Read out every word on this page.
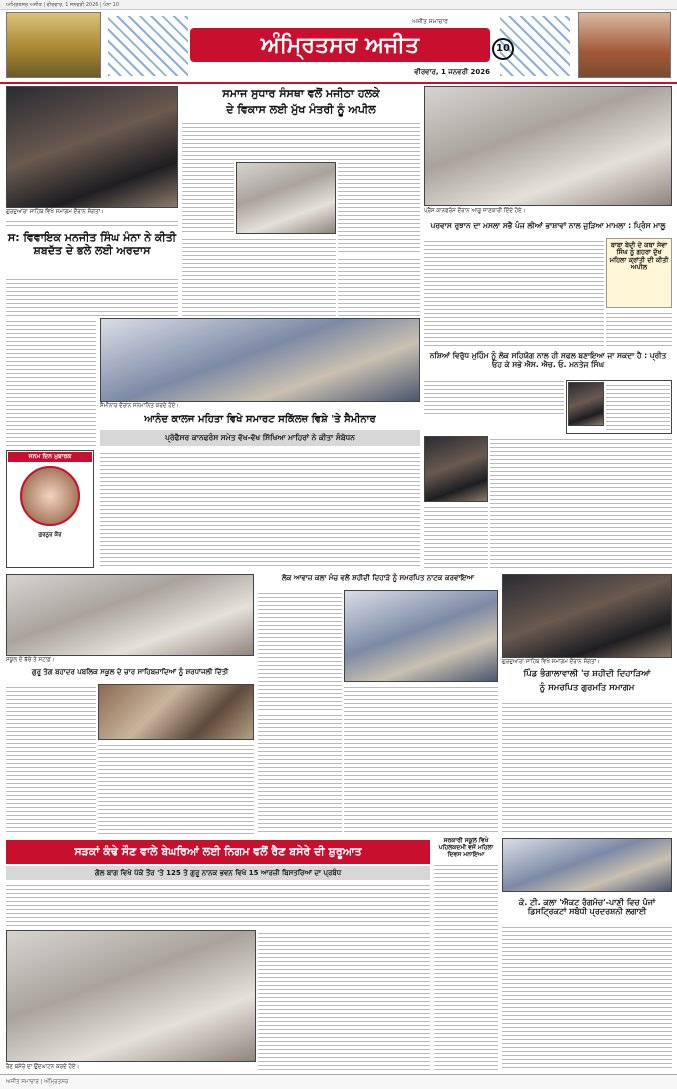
ਅਮ੍ਰਿਤਸਰ ਅਜੀਤ | ਵੀਰਵਾਰ, 1 ਜਨਵਰੀ 2026 | ਪੰਨਾ 10
ਅਜੀਤ ਸਮਾਚਾਰ
ਅੰਮ੍ਰਿਤਸਰ ਅਜੀਤ
ਵੀਰਵਾਰ, 1 ਜਨਵਰੀ 2026
10
ਗੁਰਦੁਆਰਾ ਸਾਹਿਬ ਵਿਖੇ ਸਮਾਗਮ ਦੌਰਾਨ ਸੰਗਤਾਂ।
ਸਮਾਜ ਸੁਧਾਰ ਸੰਸਥਾ ਵਲੋਂ ਮਜੀਠਾ ਹਲਕੇ
ਦੇ ਵਿਕਾਸ ਲਈ ਮੁੱਖ ਮੰਤਰੀ ਨੂੰ ਅਪੀਲ
ਪ੍ਰੈਸ ਕਾਨਫਰੰਸ ਦੌਰਾਨ ਆਗੂ ਜਾਣਕਾਰੀ ਦਿੰਦੇ ਹੋਏ।
ਸ: ਵਿਵਾਇਕ ਮਨਜੀਤ ਸਿੰਘ ਮੰਨਾ ਨੇ ਕੀਤੀ ਸ਼ਬਦੱਤ ਦੇ ਭਲੇ ਲਈ ਅਰਦਾਸ
ਪਰਵਾਸ ਰੁਝਾਨ ਦਾ ਮਸਲਾ ਸਭੈ ਪੰਜ ਲੀਆਂ ਭਾਸ਼ਾਵਾਂ ਨਾਲ ਜੁੜਿਆ ਮਾਮਲਾ : ਪ੍ਰਿੰਸ ਮਾਲੂ
ਬਾਬਾ ਬੇਦੀ ਦੇ ਕਥਾ ਸੇਵਾ ਸਿੰਘ ਨੂੰ ਗਹਰਾ ਦੁੱਖ ਮਹਿਲਾ ਕ੍ਰਾਂਤੀ ਦੀ ਕੀਤੀ ਅਪੀਲ
ਸੈਮੀਨਾਰ ਦੌਰਾਨ ਸਨਮਾਨਿਤ ਕਰਦੇ ਹੋਏ।
ਨਸ਼ਿਆਂ ਵਿਰੁੱਧ ਮੁਹਿੰਮ ਨੂੰ ਲੋਕ ਸਹਿਯੋਗ ਨਾਲ ਹੀ ਸਫਲ ਬਣਾਇਆ ਜਾ ਸਕਦਾ ਹੈ : ਪ੍ਰੀਤ ਓਹ ਕੇ ਸਭੇ ਐਸ. ਐਚ. ਓ. ਮਨਤੇਜ ਸਿੰਘ
ਆਨੰਦ ਕਾਲਜ ਮਹਿਤਾ ਵਿਖੇ ਸਮਾਰਟ ਸਕਿੱਲਜ਼ ਵਿਸ਼ੇ 'ਤੇ ਸੈਮੀਨਾਰ
ਪ੍ਰੋਫੈਸਰ ਕਾਨਫਰੰਸ ਸਮੇਤ ਵੱਖ-ਵੱਖ ਸਿੱਖਿਆ ਮਾਹਿਰਾਂ ਨੇ ਕੀਤਾ ਸੰਬੋਧਨ
ਜਨਮ ਦਿਨ ਮੁਬਾਰਕ
ਗੁਰਨੂਰ ਕੌਰ
ਸਕੂਲ ਦੇ ਬੱਚੇ ਤੇ ਸਟਾਫ਼।
ਗੁਰੂ ਤੇਗ ਬਹਾਦਰ ਪਬਲਿਕ ਸਕੂਲ ਦੇ ਚਾਰ ਸਾਹਿਬਜ਼ਾਦਿਆਂ ਨੂੰ ਸ਼ਰਧਾਂਜਲੀ ਦਿੱਤੀ
ਲੋਕ ਆਵਾਜ਼ ਕਲਾ ਮੰਚ ਵਲੋਂ ਸ਼ਹੀਦੀ ਦਿਹਾੜੇ ਨੂੰ ਸਮਰਪਿਤ ਨਾਟਕ ਕਰਵਾਇਆ
ਗੁਰਦੁਆਰਾ ਸਾਹਿਬ ਵਿਖੇ ਸਮਾਗਮ ਦੌਰਾਨ ਸੰਗਤਾਂ।
ਪਿੰਡ ਭੰਗਾਲਾਵਾਲੀ 'ਚ ਸ਼ਹੀਦੀ ਦਿਹਾੜਿਆਂ
ਨੂੰ ਸਮਰਪਿਤ ਗੁਰਮਤਿ ਸਮਾਗਮ
ਸੜਕਾਂ ਕੰਢੇ ਸੌਣ ਵਾਲੇ ਬੇਘਰਿਆਂ ਲਈ ਨਿਗਮ ਵਲੋਂ ਰੈਣ ਬਸੇਰੇ ਦੀ ਸ਼ੁਰੂਆਤ
ਗੋਲ ਬਾਗ ਵਿਖੇ ਪੱਕੇ ਤੌਰ 'ਤੇ 125 ਤੇ ਗੁਰੂ ਨਾਨਕ ਭਵਨ ਵਿਖੇ 15 ਆਰਜ਼ੀ ਬਿਸਤਰਿਆਂ ਦਾ ਪ੍ਰਬੰਧ
ਰੈਣ ਬਸੇਰੇ ਦਾ ਉਦਘਾਟਨ ਕਰਦੇ ਹੋਏ।
ਸਰਕਾਰੀ ਸਕੂਲ ਵਿਖੇ ਪਹਿਲਕਦਮੀ ਵਜੋਂ ਮਹਿਲਾ ਦਿਵਸ ਮਨਾਇਆ
ਕੇ. ਟੀ. ਕਲਾ 'ਐਕਟ ਰੰਗਮੰਚ'-ਪਾਣੀ ਵਿਚ ਪੰਜਾਂ ਡਿਸਟ੍ਰਿਕਟਾਂ ਸਬੰਧੀ ਪ੍ਰਦਰਸ਼ਨੀ ਲਗਾਈ
ਅਜੀਤ ਸਮਾਚਾਰ | ਅੰਮ੍ਰਿਤਸਰ
